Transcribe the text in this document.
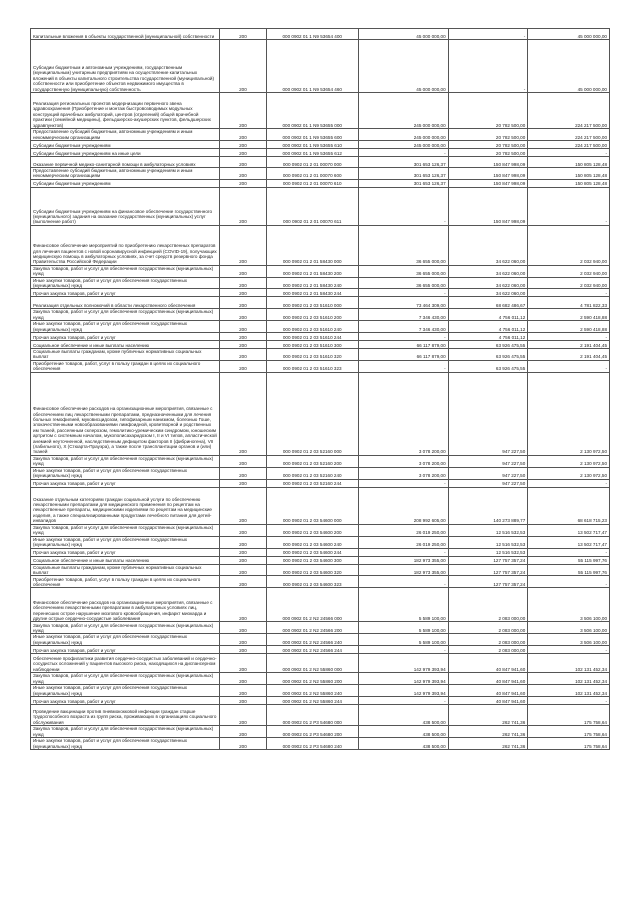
Капитальные вложения в объекты государственной (муниципальной) собственности	200	000 0902 01 1 N9 53654 400	45 000 000,00	-	45 000 000,00
Субсидии бюджетным и автономным учреждениям, государственным (муниципальным) унитарным предприятиям на осуществление капитальных вложений в объекты капитального строительства государственной (муниципальной) собственности или приобретение объектов недвижимого имущества в государственную (муниципальную) собственность	200	000 0902 01 1 N9 53654 460	45 000 000,00	-	45 000 000,00
Реализация региональных проектов модернизации первичного звена здравоохранения (Приобретение и монтаж быстровозводимых модульных конструкций врачебных амбулаторий, центров (отделений) общей врачебной практики (семейной медицины), фельдшерско-акушерских пунктов, фельдшерских здравпунктов)	200	000 0902 01 1 N9 53655 000	245 000 000,00	20 782 500,00	224 217 500,00
Предоставление субсидий бюджетным, автономным учреждениям и иным некоммерческим организациям	200	000 0902 01 1 N9 53655 600	245 000 000,00	20 782 500,00	224 217 500,00
Субсидии бюджетным учреждениям	200	000 0902 01 1 N9 53655 610	245 000 000,00	20 782 500,00	224 217 500,00
Субсидии бюджетным учреждениям на иные цели	200	000 0902 01 1 N9 53655 612	-	20 782 500,00	-
Оказание первичной медико-санитарной помощи в амбулаторных условиях	200	000 0902 01 2 01 00070 000	301 653 126,37	150 847 998,09	150 805 128,48
Предоставление субсидий бюджетным, автономным учреждениям и иным некоммерческим организациям	200	000 0902 01 2 01 00070 600	301 653 126,37	150 847 998,09	150 805 128,48
Субсидии бюджетным учреждениям	200	000 0902 01 2 01 00070 610	301 653 126,37	150 847 998,09	150 805 128,48
Субсидии бюджетным учреждениям на финансовое обеспечение государственного (муниципального) задания на оказание государственных (муниципальных) услуг (выполнение работ)	200	000 0902 01 2 01 00070 611	-	150 847 998,09	-
Финансовое обеспечение мероприятий по приобретению лекарственных препаратов для лечения пациентов с новой коронавирусной инфекцией (COVID-19), получающих медицинскую помощь в амбулаторных условиях, за счет средств резервного фонда Правительства Российской Федерации	200	000 0902 01 2 01 58430 000	36 655 000,00	34 622 060,00	2 032 940,00
Закупка товаров, работ и услуг для обеспечения государственных (муниципальных) нужд	200	000 0902 01 2 01 58430 200	36 655 000,00	34 622 060,00	2 032 940,00
Иные закупки товаров, работ и услуг для обеспечения государственных (муниципальных) нужд	200	000 0902 01 2 01 58430 240	36 655 000,00	34 622 060,00	2 032 940,00
Прочая закупка товаров, работ и услуг	200	000 0902 01 2 01 58430 244	-	34 622 060,00	-
Реализация отдельных полномочий в области лекарственного обеспечения	200	000 0902 01 2 03 51610 000	73 464 309,00	68 682 486,67	4 781 822,33
Закупка товаров, работ и услуг для обеспечения государственных (муниципальных) нужд	200	000 0902 01 2 03 51610 200	7 346 430,00	4 756 011,12	2 590 418,88
Иные закупки товаров, работ и услуг для обеспечения государственных (муниципальных) нужд	200	000 0902 01 2 03 51610 240	7 346 430,00	4 756 011,12	2 590 418,88
Прочая закупка товаров, работ и услуг	200	000 0902 01 2 03 51610 244	-	4 756 011,12	-
Социальное обеспечение и иные выплаты населению	200	000 0902 01 2 03 51610 300	66 117 879,00	63 926 475,55	2 191 404,45
Социальные выплаты гражданам, кроме публичных нормативных социальных выплат	200	000 0902 01 2 03 51610 320	66 117 879,00	63 926 475,55	2 191 404,45
Приобретение товаров, работ, услуг в пользу граждан в целях их социального обеспечения	200	000 0902 01 2 03 51610 323	-	63 926 475,55	-
Финансовое обеспечение расходов на организационные мероприятия, связанные с обеспечением лиц лекарственными препаратами, предназначенными для лечения больных гемофилией, муковисцидозом, гипофизарным нанизмом, болезнью Гоше, злокачественными новообразованиями лимфоидной, кроветворной и родственных им тканей, рассеянным склерозом, гемолитико-уремическим синдромом, юношеским артритом с системным началом, мукополисахаридозом I, II и VI типов, апластической анемией неуточненной, наследственным дефицитом факторов II (фибриногена), VII (лабильного), X (Стюарта-Прауэра), а также после трансплантации органов и (или) тканей	200	000 0902 01 2 03 52160 000	3 078 200,00	947 227,50	2 130 972,50
Закупка товаров, работ и услуг для обеспечения государственных (муниципальных) нужд	200	000 0902 01 2 03 52160 200	3 078 200,00	947 227,50	2 130 972,50
Иные закупки товаров, работ и услуг для обеспечения государственных (муниципальных) нужд	200	000 0902 01 2 03 52160 240	3 078 200,00	947 227,50	2 130 972,50
Прочая закупка товаров, работ и услуг	200	000 0902 01 2 03 52160 244	-	947 227,50	-
Оказание отдельным категориям граждан социальной услуги по обеспечению лекарственными препаратами для медицинского применения по рецептам на лекарственные препараты, медицинскими изделиями по рецептам на медицинские изделия, а также специализированными продуктами лечебного питания для детей-инвалидов	200	000 0902 01 2 03 54600 000	208 992 605,00	140 273 889,77	68 618 715,23
Закупка товаров, работ и услуг для обеспечения государственных (муниципальных) нужд	200	000 0902 01 2 03 54600 200	26 019 250,00	12 516 532,53	13 502 717,47
Иные закупки товаров, работ и услуг для обеспечения государственных (муниципальных) нужд	200	000 0902 01 2 03 54600 240	26 019 250,00	12 516 532,53	13 502 717,47
Прочая закупка товаров, работ и услуг	200	000 0902 01 2 03 54600 244	-	12 516 532,53	-
Социальное обеспечение и иные выплаты населению	200	000 0902 01 2 03 54600 300	182 973 355,00	127 757 357,24	55 115 997,76
Социальные выплаты гражданам, кроме публичных нормативных социальных выплат	200	000 0902 01 2 03 54600 320	182 973 355,00	127 757 357,24	55 115 997,76
Приобретение товаров, работ, услуг в пользу граждан в целях их социального обеспечения	200	000 0902 01 2 03 54600 323	-	127 757 357,24	-
Финансовое обеспечение расходов на организационные мероприятия, связанные с обеспечением лекарственными препаратами в амбулаторных условиях лиц, перенесших острое нарушение мозгового кровообращения, инфаркт миокарда и другие острые сердечно-сосудистые заболевания	200	000 0902 01 2 N2 24566 000	5 589 100,00	2 083 000,00	3 506 100,00
Закупка товаров, работ и услуг для обеспечения государственных (муниципальных) нужд	200	000 0902 01 2 N2 24566 200	5 589 100,00	2 083 000,00	3 506 100,00
Иные закупки товаров, работ и услуг для обеспечения государственных (муниципальных) нужд	200	000 0902 01 2 N2 24566 240	5 589 100,00	2 083 000,00	3 506 100,00
Прочая закупка товаров, работ и услуг	200	000 0902 01 2 N2 24566 244	-	2 083 000,00	-
Обеспечение профилактики развития сердечно-сосудистых заболеваний и сердечно-сосудистых осложнений у пациентов высокого риска, находящихся на диспансерном наблюдении	200	000 0902 01 2 N2 55860 000	142 979 393,94	40 847 941,60	102 131 452,34
Закупка товаров, работ и услуг для обеспечения государственных (муниципальных) нужд	200	000 0902 01 2 N2 55860 200	142 979 393,94	40 847 941,60	102 131 452,34
Иные закупки товаров, работ и услуг для обеспечения государственных (муниципальных) нужд	200	000 0902 01 2 N2 55860 240	142 979 393,94	40 847 941,60	102 131 452,34
Прочая закупка товаров, работ и услуг	200	000 0902 01 2 N2 55860 244	-	40 847 941,60	-
Проведение вакцинации против пневмококковой инфекции граждан старше трудоспособного возраста из групп риска, проживающих в организациях социального обслуживания	200	000 0902 01 2 P3 54680 000	438 500,00	262 741,36	175 758,64
Закупка товаров, работ и услуг для обеспечения государственных (муниципальных) нужд	200	000 0902 01 2 P3 54680 200	438 500,00	262 741,36	175 758,64
Иные закупки товаров, работ и услуг для обеспечения государственных (муниципальных) нужд	200	000 0902 01 2 P3 54680 240	438 500,00	262 741,36	175 758,64
